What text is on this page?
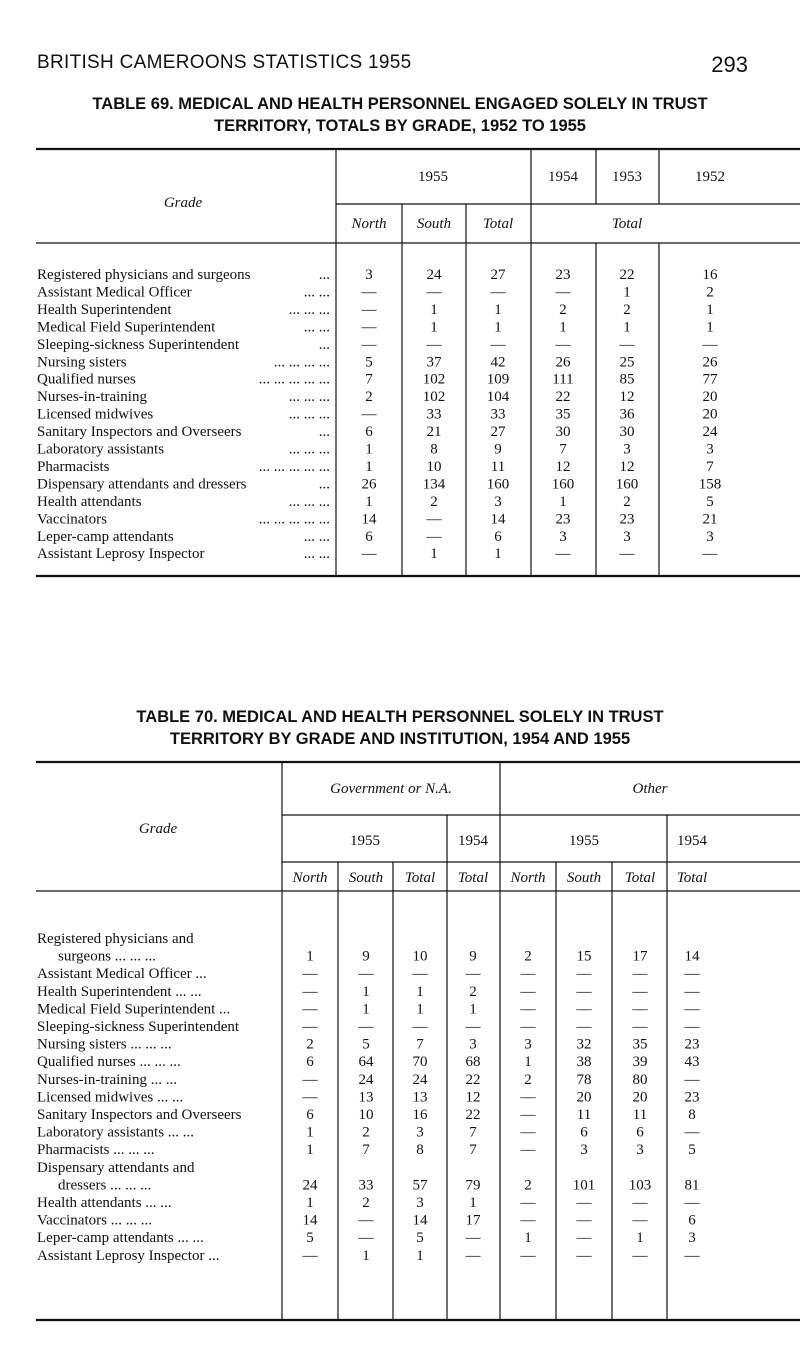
BRITISH CAMEROONS STATISTICS 1955	293
TABLE 69. MEDICAL AND HEALTH PERSONNEL ENGAGED SOLELY IN TRUST
TERRITORY, TOTALS BY GRADE, 1952 TO 1955
Grade
1955	1954 1953	1952
North South Total	Total
Registered physicians and surgeons	... 3	24	27	23	22	16
Assistant Medical Officer	... ... —	—	—	—	1	2
Health Superintendent	... ... ... —	1	1	2	2	1
Medical Field Superintendent	... ... —	1	1	1	1	1
Sleeping-sickness Superintendent	... —	—	—	—	—	—
Nursing sisters	... ... ... ... 5	37	42	26	25	26
Qualified nurses	... ... ... ... ... 7	102	109	111	85	77
Nurses-in-training	... ... ... 2	102	104	22	12	20
Licensed midwives	... ... ... —	33	33	35	36	20
Sanitary Inspectors and Overseers	... 6	21	27	30	30	24
Laboratory assistants	... ... ... 1	8	9	7	3	3
Pharmacists	... ... ... ... ... 1	10	11	12	12	7
Dispensary attendants and dressers	... 26	134	160	160	160	158
Health attendants	... ... ... 1	2	3	1	2	5
Vaccinators	... ... ... ... ... 14	—	14	23	23	21
Leper-camp attendants	... ... 6	—	6	3	3	3
Assistant Leprosy Inspector	... ... —	1	1	—	—	—
TABLE 70. MEDICAL AND HEALTH PERSONNEL SOLELY IN TRUST
TERRITORY BY GRADE AND INSTITUTION, 1954 AND 1955
Grade
Government or N.A.	Other
1955	1954	1955	1954
North South Total Total North South Total Total
Registered physicians and
surgeons ... ... ...	1	9	10	9	2	15	17 14
Assistant Medical Officer ...	—	—	—	—	—	—	— —
Health Superintendent ... ...	—	1	1	2	—	—	— —
Medical Field Superintendent ...	—	1	1	1	—	—	— —
Sleeping-sickness Superintendent	—	—	—	—	—	—	— —
Nursing sisters ... ... ...	2	5	7	3	3	32	35 23
Qualified nurses ... ... ...	6	64	70	68	1	38	39 43
Nurses-in-training ... ...	—	24	24	22	2	78	80 —
Licensed midwives ... ...	—	13	13	12	—	20	20 23
Sanitary Inspectors and Overseers	6	10	16	22	—	11	11	8
Laboratory assistants ... ...	1	2	3	7	—	6	6	—
Pharmacists ... ... ...	1	7	8	7	—	3	3	5
Dispensary attendants and
dressers ... ... ...	24	33	57	79	2	101 103 81
Health attendants ... ...	1	2	3	1	—	—	— —
Vaccinators ... ... ...	14	—	14	17	—	—	—	6
Leper-camp attendants ... ...	5	—	5	—	1	—	1	3
Assistant Leprosy Inspector ...	—	1	1	—	—	—	— —
